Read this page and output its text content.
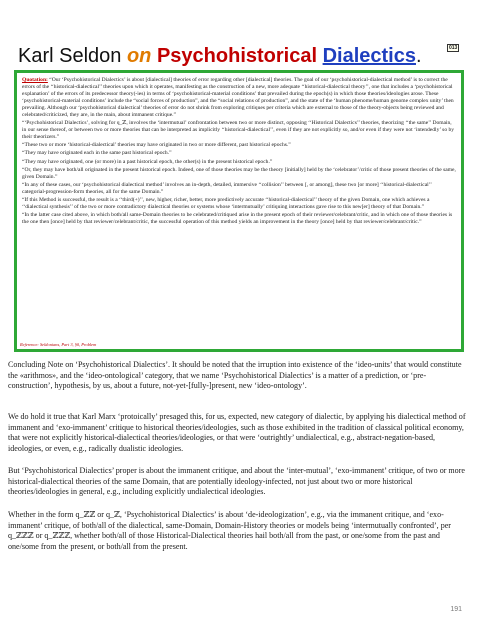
Karl Seldon on Psychohistorical Dialectics.	013

Quotation: “Our ‘Psychohistorical Dialectics’ is about [dialectical] theories of error regarding other [dialectical] theories. The goal of our ‘psychohistorical-dialectical method’ is to correct the errors of the ‘‘historical-dialectical’’ theories upon which it operates, manifesting as the construction of a new, more adequate ‘‘historical-dialectical theory’’, one that includes a ‘psychohistorical explanation’ of the errors of its predecessor theory(-ies) in terms of ‘psychohistorical-material conditions’ that prevailed during the epoch(s) in which those theories/ideologies arose. These ‘psychohistorical-material conditions’ include the “social forces of production”, and the “social relations of production”, and the state of the ‘human phenome/human genome complex unity’ then prevailing. Although our ‘psychohistorical dialectical’ theories of error do not shrink from exploring critiques per criteria which are external to those of the theory-objects being reviewed and celebrated/criticized, they are, in the main, about immanent critique.”

“‘Psychohistorical Dialectics’, solving for q_ℤ, involves the ‘intermutual’ confrontation between two or more distinct, opposing ‘‘Historical Dialectics’’ theories, theorizing ‘‘the same’’ Domain, in our sense thereof, or between two or more theories that can be interpreted as implicitly ‘‘historical-dialectical’’, even if they are not explicitly so, and/or even if they were not ‘intendedly’ so by their theorizers.”

“These two or more ‘historical-dialectical’ theories may have originated in two or more different, past historical epochs.”

“They may have originated each in the same past historical epoch.”

“They may have originated, one (or more) in a past historical epoch, the other(s) in the present historical epoch.”

“Or, they may have both/all originated in the present historical epoch. Indeed, one of those theories may be the theory [initially] held by the ‘celebrator’/critic of those present theories of the same, given Domain.”

“In any of these cases, our ‘psychohistorical dialectical method’ involves an in-depth, detailed, immersive ‘‘collision’’ between [, or among], these two [or more] ‘‘historical-dialectical’’ categorial-progression-form theories, all for the same Domain.”

“If this Method is successful, the result is a ‘‘third(+)’’, new, higher, richer, better, more predictively accurate ‘‘historical-dialectical’’ theory of the given Domain, one which achieves a ‘‘dialectical synthesis’’ of the two or more contradictory dialectical theories or systems whose ‘intermutually’ critiquing interactions gave rise to this new[er] theory of that Domain.”

“In the latter case cited above, in which both/all same-Domain theories to be celebrated/critiqued arise in the present epoch of their reviewer/celebrant/critic, and in which one of those theories is the one then [once] held by that reviewer/celebrant/critic, the successful operation of this method yields an improvement in the theory [once] held by that reviewer/celebrant/critic.”

Reference: Seldonians, Part 3, §0, Problem

Concluding Note on ‘Psychohistorical Dialectics’. It should be noted that the irruption into existence of the ‘ideo-units’ that would constitute the «arithmos», and the ‘ideo-ontological’ category, that we name ‘Psychohistorical Dialectics’ is a matter of a prediction, or ‘pre-construction’, hypothesis, by us, about a future, not-yet-[fully-]present, new ‘ideo-ontology’.

We do hold it true that Karl Marx ‘protoically’ presaged this, for us, expected, new category of dialectic, by applying his dialectical method of immanent and ‘exo-immanent’ critique to historical theories/ideologies, such as those exhibited in the tradition of classical political economy, that were not explicitly historical-dialectical theories/ideologies, or that were ‘outrightly’ undialectical, e.g., abstract-negation-based, ideologies, or even, e.g., radically dualistic ideologies.

But ‘Psychohistorical Dialectics’ proper is about the immanent critique, and about the ‘inter-mutual’, ‘exo-immanent’ critique, of two or more historical-dialectical theories of the same Domain, that are potentially ideology-infected, not just about two or more historical theories/ideologies in general, e.g., including explicitly undialectical ideologies.

Whether in the form q_ℤℤ or q_ℤ, ‘Psychohistorical Dialectics’ is about ‘de-ideologization’, e.g., via the immanent critique, and ‘exo-immanent’ critique, of both/all of the dialectical, same-Domain, Domain-History theories or models being ‘intermutually confronted’, per q_ℤℤℤ or q_ℤℤℤ, whether both/all of those Historical-Dialectical theories hail both/all from the past, or one/some from the past and one/some from the present, or both/all from the present.

191
